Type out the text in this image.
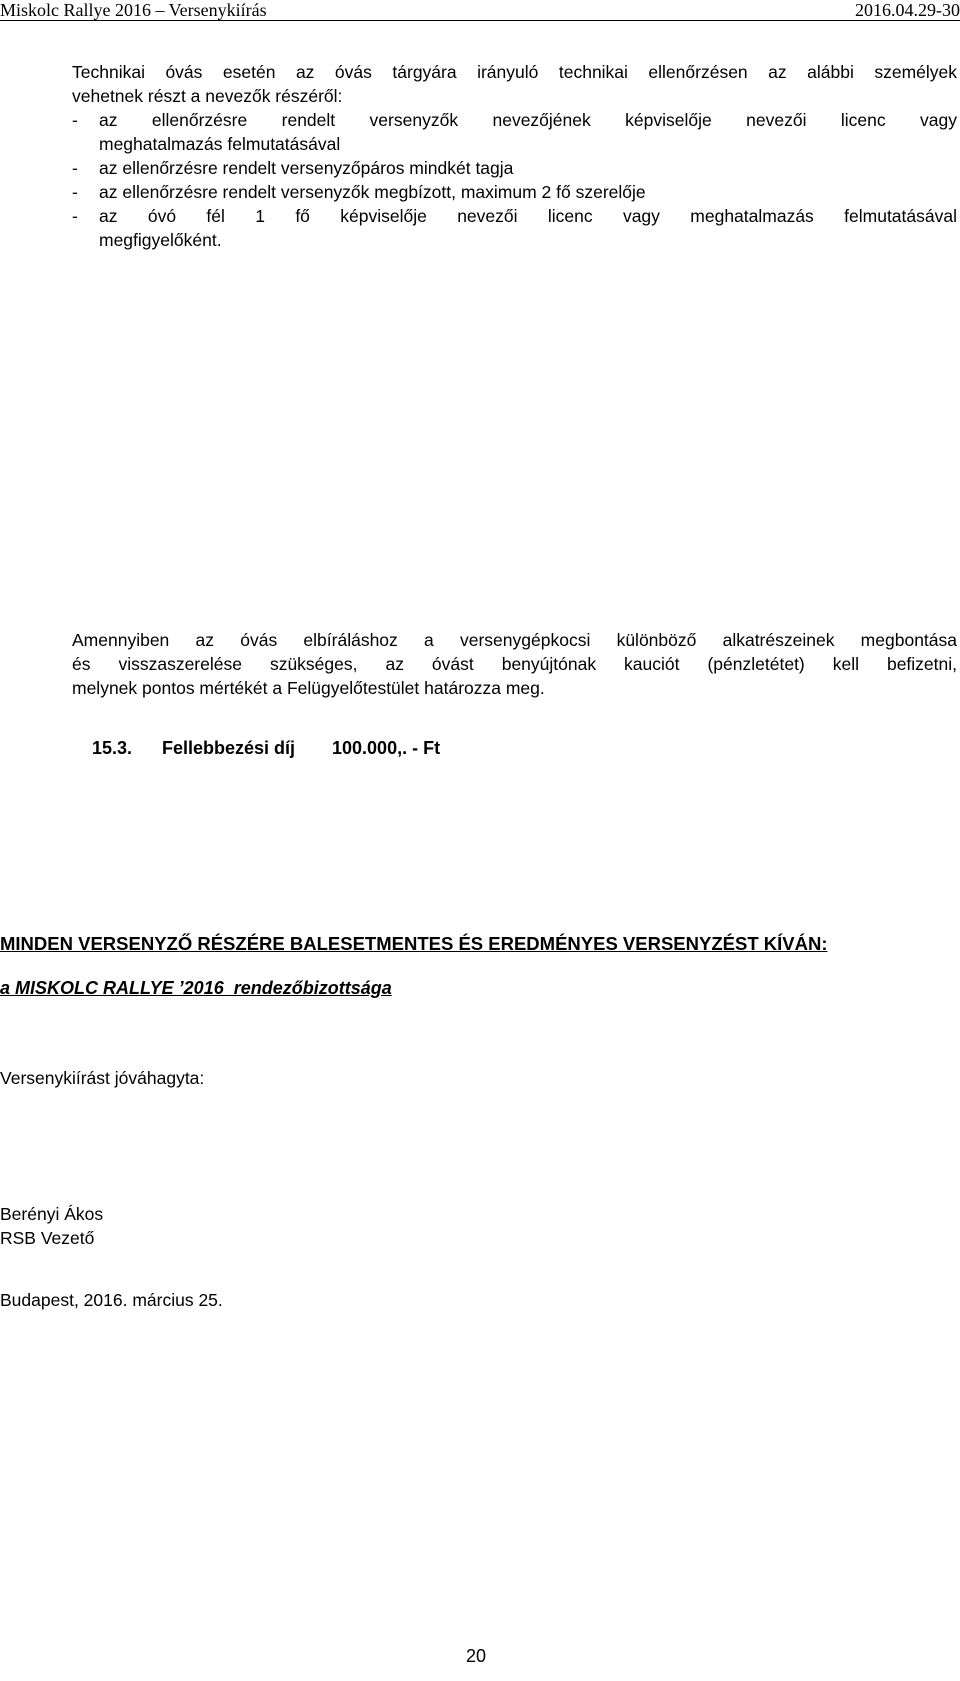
Miskolc Rallye 2016 – Versenykiírás	2016.04.29-30
Technikai óvás esetén az óvás tárgyára irányuló technikai ellenőrzésen az alábbi személyek
vehetnek részt a nevezők részéről:
-	az ellenőrzésre rendelt versenyzők nevezőjének képviselője nevezői licenc vagy
meghatalmazás felmutatásával
-	az ellenőrzésre rendelt versenyzőpáros mindkét tagja
-	az ellenőrzésre rendelt versenyzők megbízott, maximum 2 fő szerelője
-	az óvó fél 1 fő képviselője nevezői licenc vagy meghatalmazás felmutatásával
megfigyelőként.
Amennyiben az óvás elbíráláshoz a versenygépkocsi különböző alkatrészeinek megbontása
és visszaszerelése szükséges, az óvást benyújtónak kauciót (pénzletétet) kell befizetni,
melynek pontos mértékét a Felügyelőtestület határozza meg.

15.3. Fellebbezési díj 100.000,. - Ft

MINDEN VERSENYZŐ RÉSZÉRE BALESETMENTES ÉS EREDMÉNYES VERSENYZÉST KÍVÁN:
a MISKOLC RALLYE ’2016  rendezőbizottsága
Versenykiírást jóváhagyta:
Berényi Ákos
RSB Vezető
Budapest, 2016. március 25.
20
